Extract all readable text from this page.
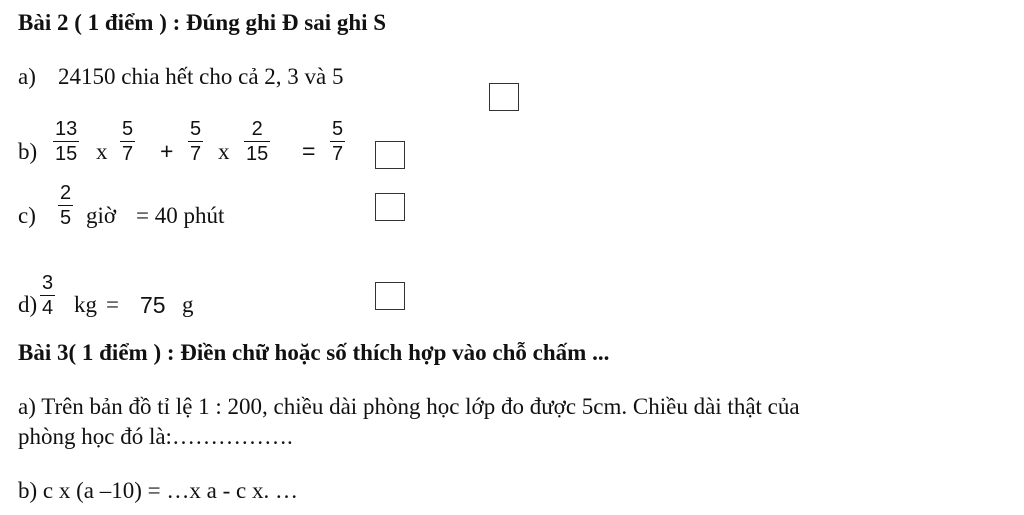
Bài 2 ( 1 điểm ) : Đúng ghi Đ sai ghi S
a) 24150 chia hết cho cả 2, 3 và 5
b)
13
15 x
5
7 +
5
7 x
2
15 =
5
7
c)
2
5 giờ = 40 phút
d)
3
4 kg = 75 g
Bài 3( 1 điểm ) : Điền chữ hoặc số thích hợp vào chỗ chấm ...
a) Trên bản đồ tỉ lệ 1 : 200, chiều dài phòng học lớp đo được 5cm. Chiều dài thật của
phòng học đó là:…………….
b) c x (a –10) = …x a - c x. …
